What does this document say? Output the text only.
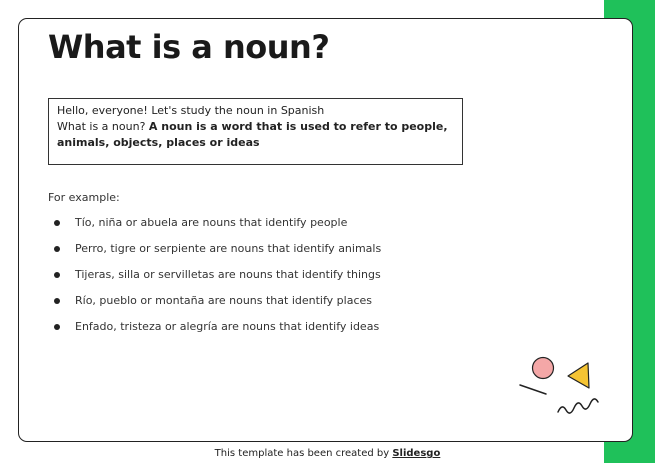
What is a noun?
Hello, everyone! Let's study the noun in Spanish
What is a noun? A noun is a word that is used to refer to people, animals, objects, places or ideas
For example:
Tío, niña or abuela are nouns that identify people
Perro, tigre or serpiente are nouns that identify animals
Tijeras, silla or servilletas are nouns that identify things
Río, pueblo or montaña are nouns that identify places
Enfado, tristeza or alegría are nouns that identify ideas
This template has been created by Slidesgo
